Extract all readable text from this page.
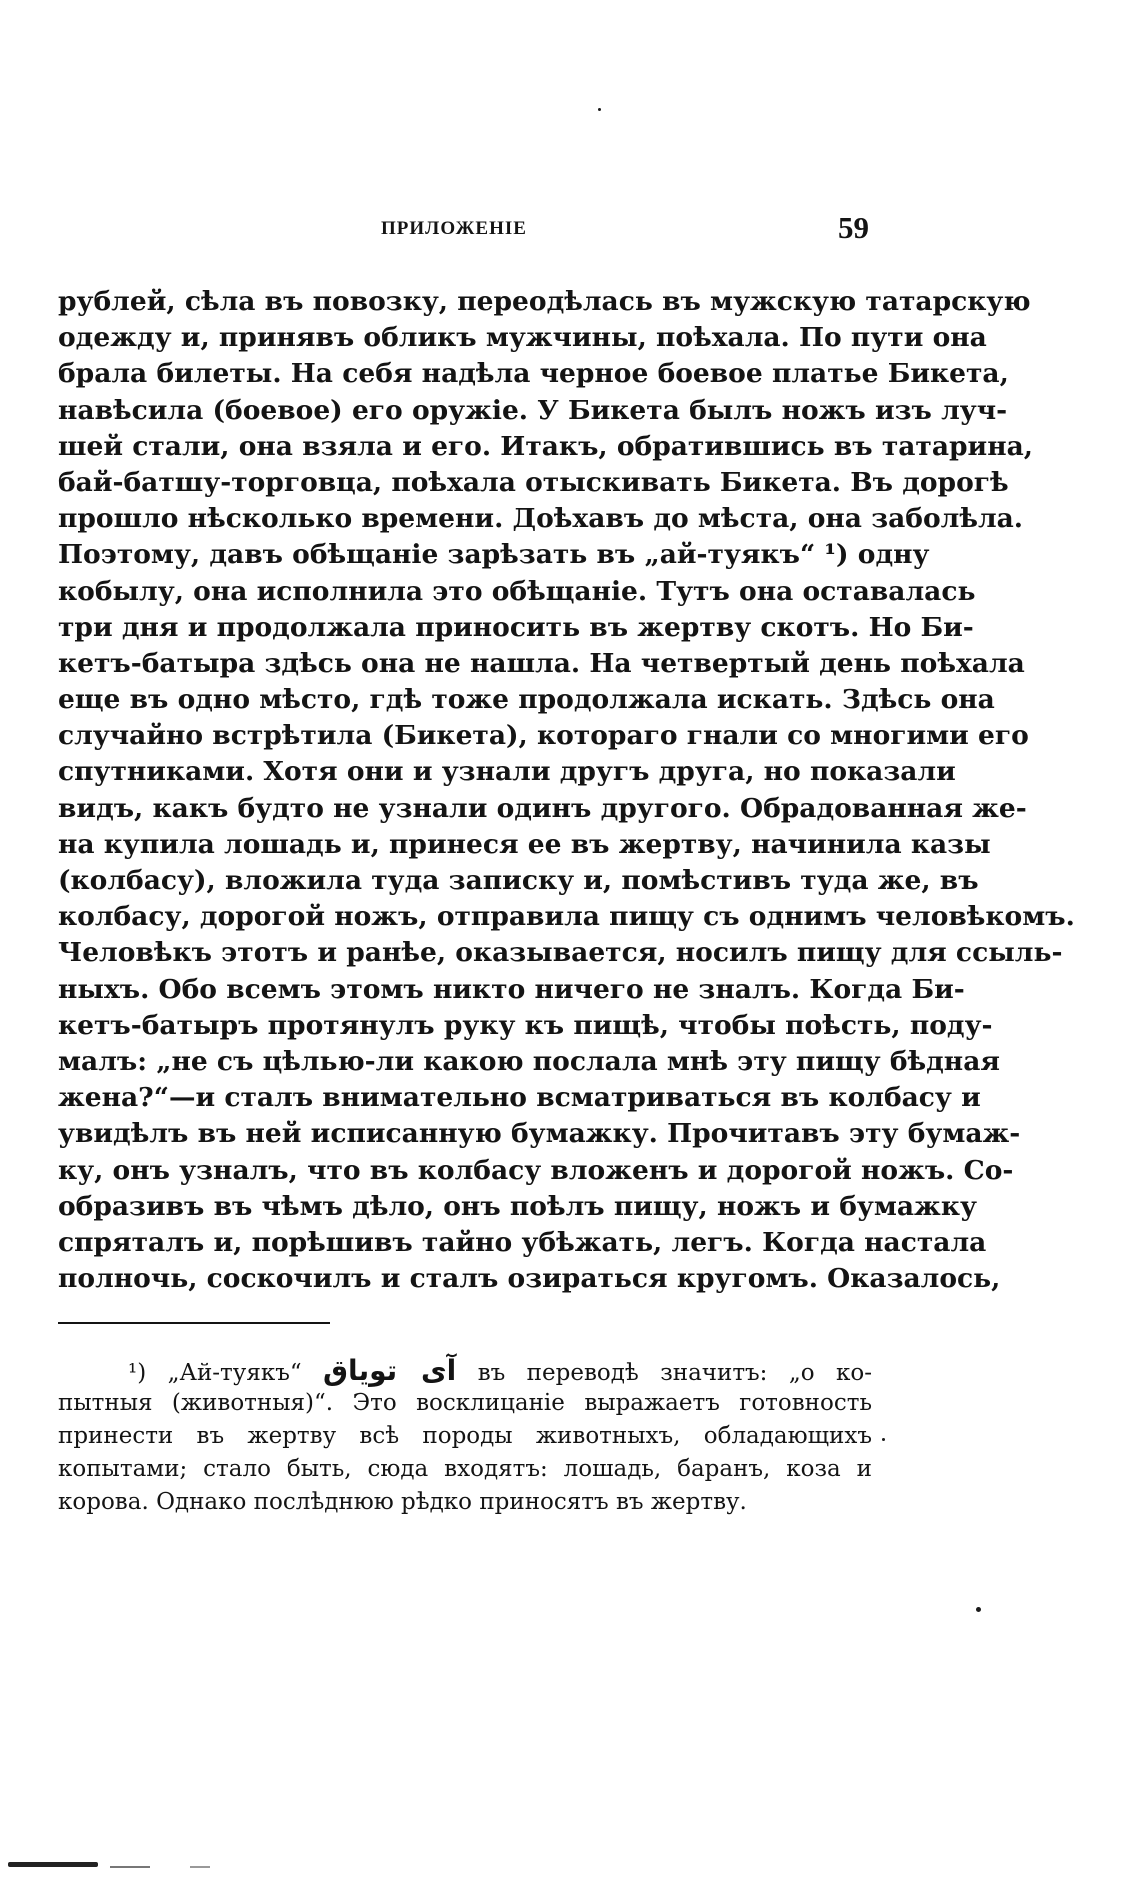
ПРИЛОЖЕНІЕ	59
рублей, сѣла въ повозку, переодѣлась въ мужскую татарскую
одежду и, принявъ обликъ мужчины, поѣхала. По пути она
брала билеты. На себя надѣла черное боевое платье Бикета,
навѣсила (боевое) его оружіе. У Бикета былъ ножъ изъ луч-
шей стали, она взяла и его. Итакъ, обратившись въ татарина,
бай-батшу-торговца, поѣхала отыскивать Бикета. Въ дорогѣ
прошло нѣсколько времени. Доѣхавъ до мѣста, она заболѣла.
Поэтому, давъ обѣщаніе зарѣзать въ „ай-туякъ“ ¹) одну
кобылу, она исполнила это обѣщаніе. Тутъ она оставалась
три дня и продолжала приносить въ жертву скотъ. Но Би-
кетъ-батыра здѣсь она не нашла. На четвертый день поѣхала
еще въ одно мѣсто, гдѣ тоже продолжала искать. Здѣсь она
случайно встрѣтила (Бикета), котораго гнали со многими его
спутниками. Хотя они и узнали другъ друга, но показали
видъ, какъ будто не узнали одинъ другого. Обрадованная же-
на купила лошадь и, принеся ее въ жертву, начинила казы
(колбасу), вложила туда записку и, помѣстивъ туда же, въ
колбасу, дорогой ножъ, отправила пищу съ однимъ человѣкомъ.
Человѣкъ этотъ и ранѣе, оказывается, носилъ пищу для ссыль-
ныхъ. Обо всемъ этомъ никто ничего не зналъ. Когда Би-
кетъ-батыръ протянулъ руку къ пищѣ, чтобы поѣсть, поду-
малъ: „не съ цѣлью-ли какою послала мнѣ эту пищу бѣдная
жена?“—и сталъ внимательно всматриваться въ колбасу и
увидѣлъ въ ней исписанную бумажку. Прочитавъ эту бумаж-
ку, онъ узналъ, что въ колбасу вложенъ и дорогой ножъ. Со-
образивъ въ чѣмъ дѣло, онъ поѣлъ пищу, ножъ и бумажку
спряталъ и, порѣшивъ тайно убѣжать, легъ. Когда настала
полночь, соскочилъ и сталъ озираться кругомъ. Оказалось,
¹) „Ай-туякъ“ آی تویاق въ переводѣ значитъ: „о ко-
пытныя (животныя)“. Это восклицаніе выражаетъ готовность
принести въ жертву всѣ породы животныхъ, обладающихъ
копытами; стало быть, сюда входятъ: лошадь, баранъ, коза и
корова. Однако послѣднюю рѣдко приносятъ въ жертву.
